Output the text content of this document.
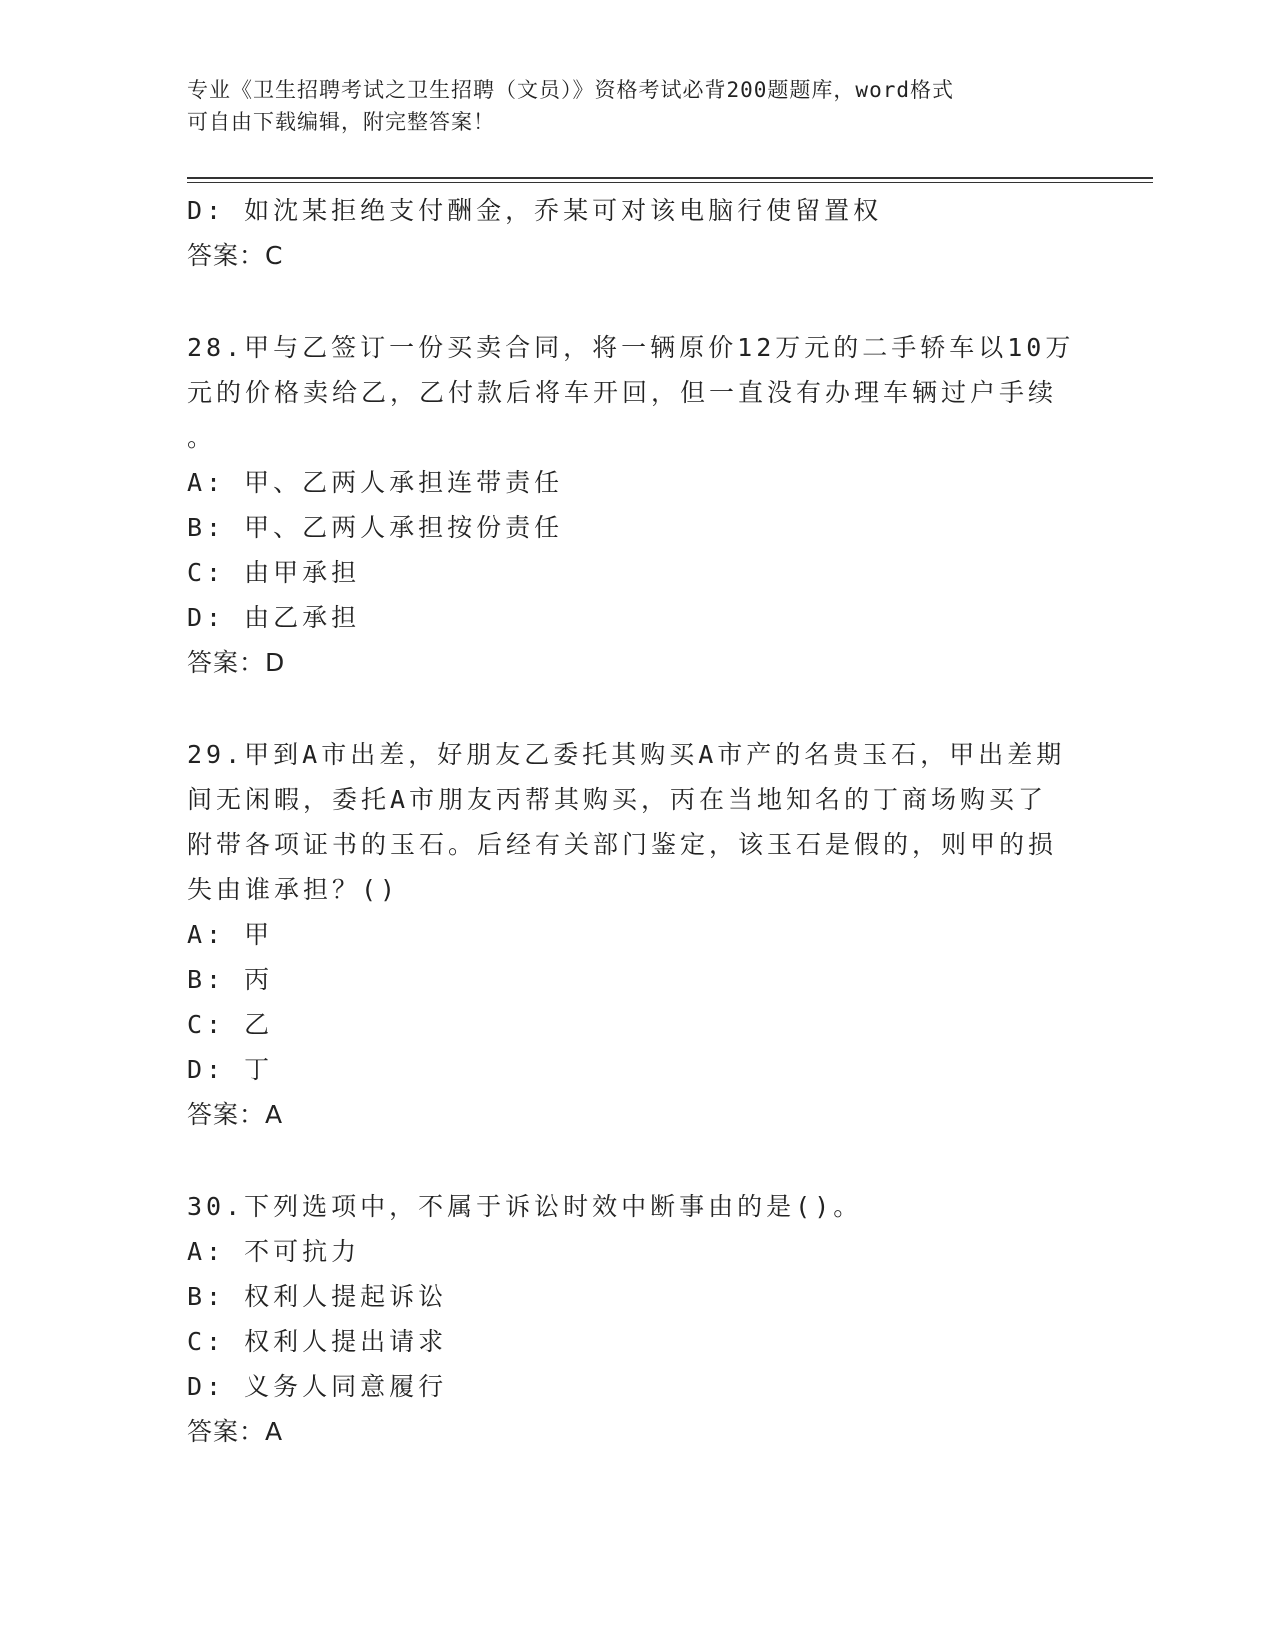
专业《卫生招聘考试之卫生招聘（文员）》资格考试必背200题题库，word格式
可自由下载编辑，附完整答案！

D: 如沈某拒绝支付酬金，乔某可对该电脑行使留置权

答案：C

28.甲与乙签订一份买卖合同，将一辆原价12万元的二手轿车以10万

元的价格卖给乙，乙付款后将车开回，但一直没有办理车辆过户手续

。

A: 甲、乙两人承担连带责任

B: 甲、乙两人承担按份责任

C: 由甲承担

D: 由乙承担

答案：D

29.甲到A市出差，好朋友乙委托其购买A市产的名贵玉石，甲出差期

间无闲暇，委托A市朋友丙帮其购买，丙在当地知名的丁商场购买了

附带各项证书的玉石。后经有关部门鉴定，该玉石是假的，则甲的损

失由谁承担？()

A: 甲

B: 丙

C: 乙

D: 丁

答案：A

30.下列选项中，不属于诉讼时效中断事由的是()。

A: 不可抗力

B: 权利人提起诉讼

C: 权利人提出请求

D: 义务人同意履行

答案：A
